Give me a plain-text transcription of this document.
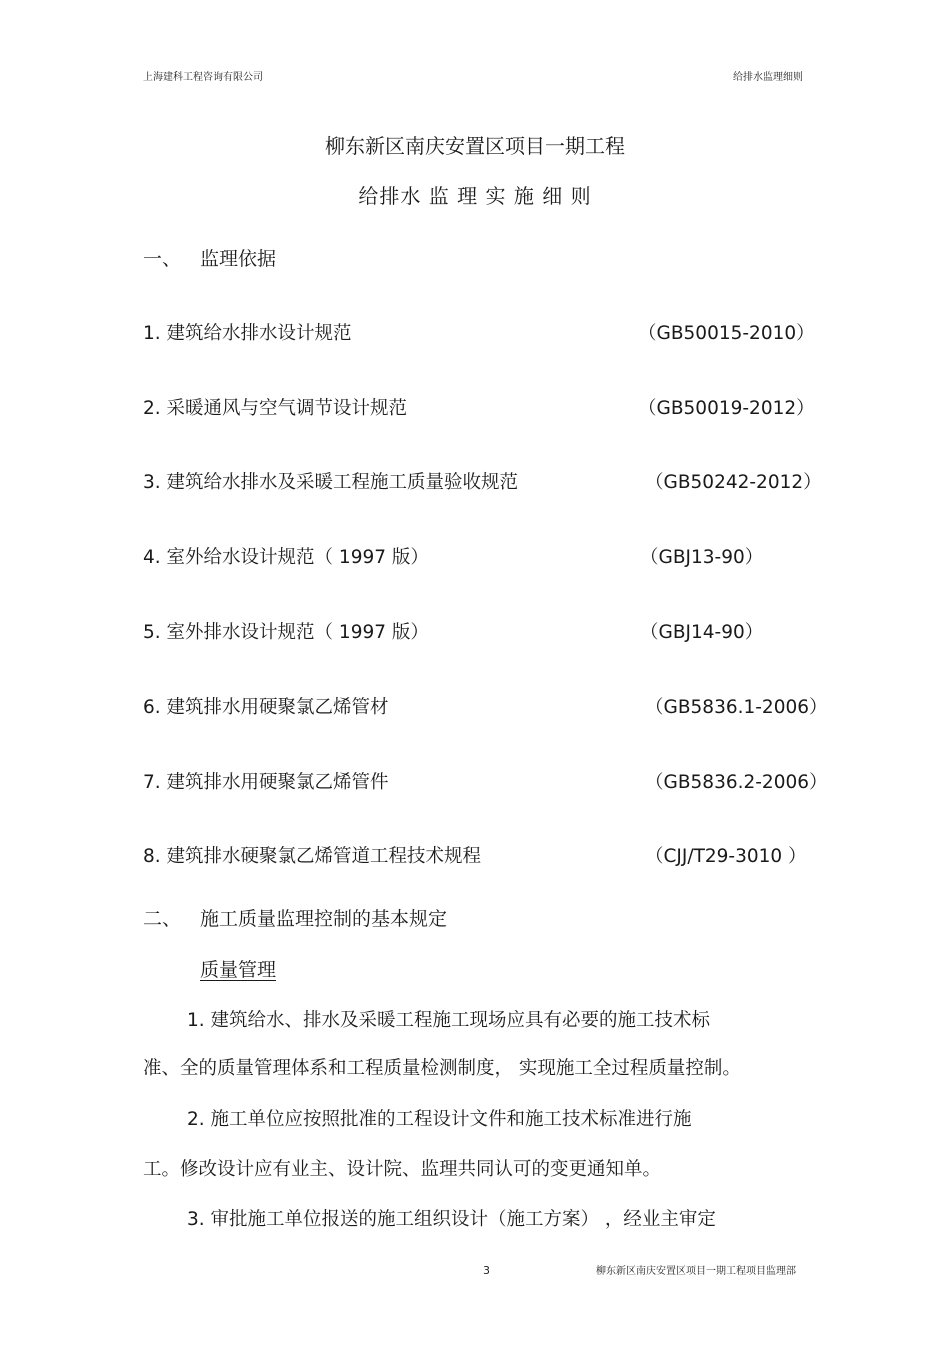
上海建科工程咨询有限公司	给排水监理细则
柳东新区南庆安置区项目一期工程
给排水 监 理 实 施 细 则
一、 监理依据
1. 建筑给水排水设计规范	（GB50015-2010）
2. 采暖通风与空气调节设计规范	（GB50019-2012）
3. 建筑给水排水及采暖工程施工质量验收规范	（GB50242-2012）
4. 室外给水设计规范（ 1997 版）	（GBJ13-90）
5. 室外排水设计规范（ 1997 版）	（GBJ14-90）
6. 建筑排水用硬聚氯乙烯管材	（GB5836.1-2006）
7. 建筑排水用硬聚氯乙烯管件	（GB5836.2-2006）
8. 建筑排水硬聚氯乙烯管道工程技术规程	（CJJ/T29-3010 ）
二、 施工质量监理控制的基本规定
质量管理
1. 建筑给水、排水及采暖工程施工现场应具有必要的施工技术标
准、全的质量管理体系和工程质量检测制度， 实现施工全过程质量控制。
2. 施工单位应按照批准的工程设计文件和施工技术标准进行施
工。修改设计应有业主、设计院、监理共同认可的变更通知单。
3. 审批施工单位报送的施工组织设计（施工方案） ，经业主审定
3	柳东新区南庆安置区项目一期工程项目监理部
